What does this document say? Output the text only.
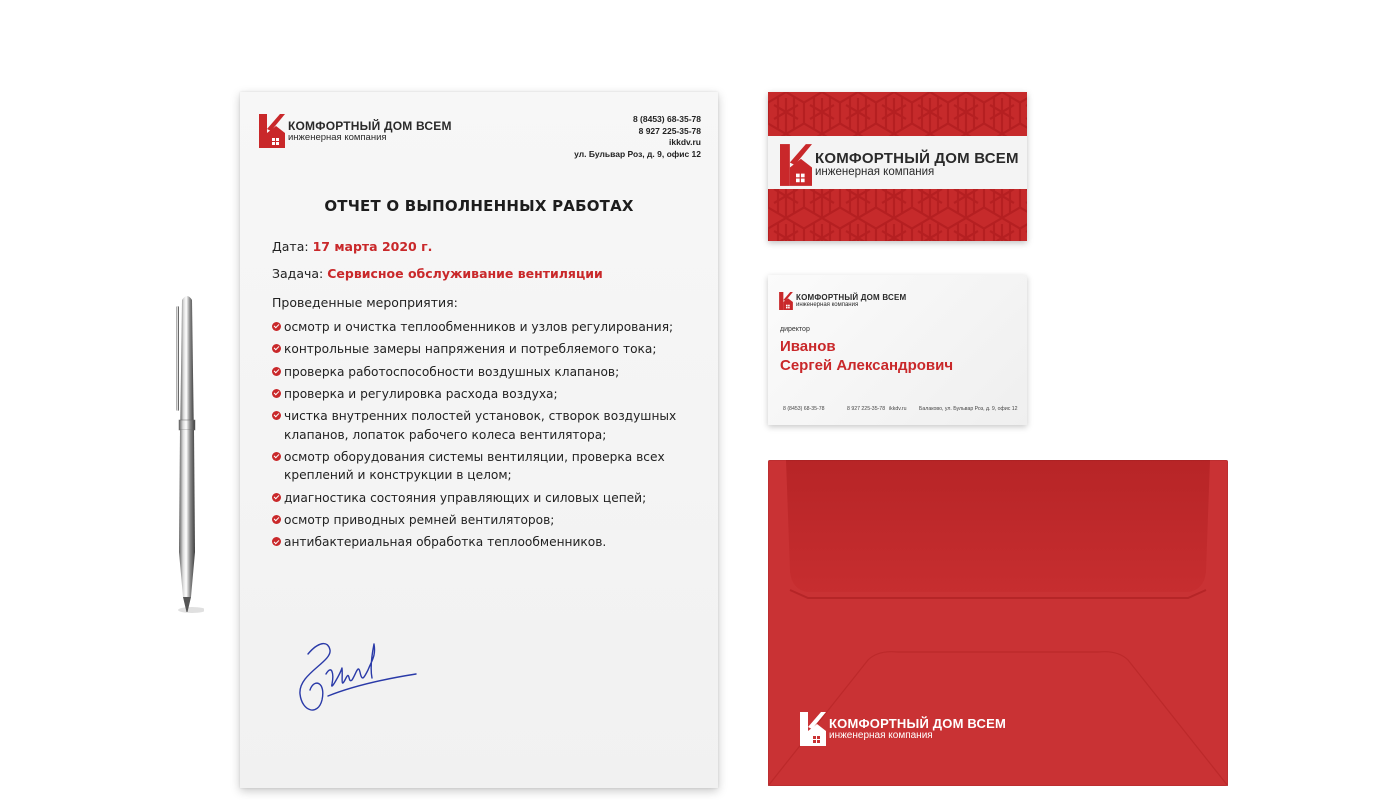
КОМФОРТНЫЙ ДОМ ВСЕМ
инженерная компания
8 (8453) 68-35-78
8 927 225-35-78
ikkdv.ru
ул. Бульвар Роз, д. 9, офис 12
ОТЧЕТ О ВЫПОЛНЕННЫХ РАБОТАХ
Дата: 17 марта 2020 г.
Задача: Сервисное обслуживание вентиляции
Проведенные мероприятия:
осмотр и очистка теплообменников и узлов регулирования;
контрольные замеры напряжения и потребляемого тока;
проверка работоспособности воздушных клапанов;
проверка и регулировка расхода воздуха;
чистка внутренних полостей установок, створок воздушных клапанов, лопаток рабочего колеса вентилятора;
осмотр оборудования системы вентиляции, проверка всех креплений и конструкции в целом;
диагностика состояния управляющих и силовых цепей;
осмотр приводных ремней вентиляторов;
антибактериальная обработка теплообменников.
КОМФОРТНЫЙ ДОМ ВСЕМ
инженерная компания
КОМФОРТНЫЙ ДОМ ВСЕМ
инженерная компания
директор
Иванов
Сергей Александрович
8 (8453) 68-35-78	8 927 225-35-78 ikkdv.ru Балаково, ул. Бульвар Роз, д. 9, офис 12
КОМФОРТНЫЙ ДОМ ВСЕМ
инженерная компания
